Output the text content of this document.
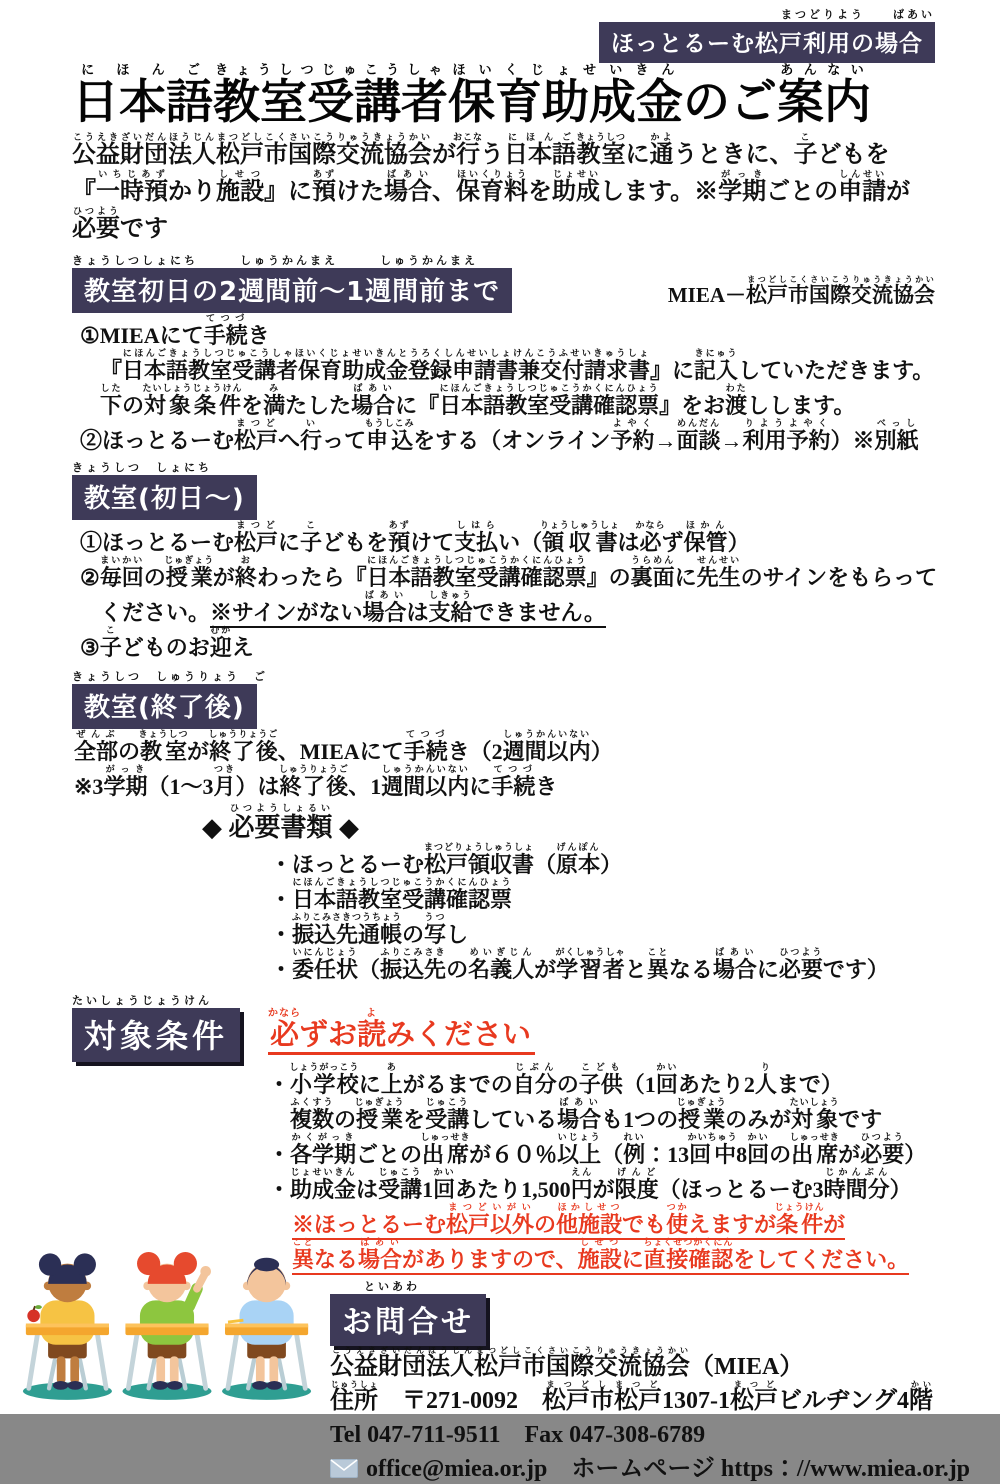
まつどりよう　　ばあい
ほっとるーむ松戸利用の場合
日本語にほんご教室受講者きょうしつじゅこうしゃ保育助成金ほいくじょせいきんのご案内あんない

公益財団法人松戸市国際交流協会こうえきざいだんほうじんまつどしこくさいこうりゅうきょうかいが行おこなう日本語にほんご教室きょうしつに通かようときに、子こどもを『一時預いちじあずかり施設しせつ』に預あずけた場合ばあい、保育料ほいくりょうを助成じょせいします。※学期がっきごとの申請しんせいが必要ひつようです

きょうしつしょにち　　　しゅうかんまえ　　　しゅうかんまえ
教室初日の2週間前～1週間前まで	MIEA－松戸市国際交流協会まつどしこくさいこうりゅうきょうかい
①MIEAにて手続てつづき
『日本語教室受講者保育助成金登録申請書兼交付請求書にほんごきょうしつじゅこうしゃほいくじょせいきんとうろくしんせいしょけんこうふせいきゅうしょ』に記入きにゅうしていただきます。
下したの対象条件たいしょうじょうけんを満みたした場合ばあいに『日本語教室受講確認票にほんごきょうしつじゅこうかくにんひょう』をお渡わたしします。
②ほっとるーむ松戸まつどへ行いって申込もうしこみをする（オンライン予約よやく→面談めんだん→利用予約りようよやく）※別紙べっし
きょうしつ　しょにち
教室(初日～)
①ほっとるーむ松戸まつどに子こどもを預あずけて支払しはらい（領収書りょうしゅうしょは必かならず保管ほかん）
②毎回まいかいの授業じゅぎょうが終おわったら『日本語教室受講確認票にほんごきょうしつじゅこうかくにんひょう』の裏面うらめんに先生せんせいのサインをもらって
ください。※サインがない場合ばあいは支給しきゅうできません。
③子こどものお迎むかえ
きょうしつ　しゅうりょう　ご
教室(終了後)
全部ぜんぶの教室きょうしつが終了後しゅうりょうご、MIEAにて手続てつづき（2週間以内しゅうかんいない）
※3学期がっき（1～3月つき）は終了後しゅうりょうご、1週間以内しゅうかんいないに手続てつづき
◆ 必要書類ひつようしょるい ◆
・ほっとるーむ松戸領収書まつどりょうしゅうしょ（原本げんぽん）
・日本語教室受講確認票にほんごきょうしつじゅこうかくにんひょう
・振込先通帳ふりこみさきつうちょうの写うつし
・委任状いにんじょう（振込先ふりこみさきの名義人めいぎじんが学習者がくしゅうしゃと異ことなる場合ばあいに必要ひつようです）
たいしょうじょうけん
対象条件	必かならずお読よみください
・小学校しょうがっこうに上あがるまでの自分じぶんの子供こども（1回かいあたり2人りまで）
複数ふくすうの授業じゅぎょうを受講じゅこうしている場合ばあいも1つの授業じゅぎょうのみが対象たいしょうです
・各学期かくがっきごとの出席しゅっせきが６０％以上いじょう（例れい：13回中かいちゅう8回かいの出席しゅっせきが必要ひつよう）
・助成金じょせいきんは受講じゅこう1回かいあたり1,500円えんが限度げんど（ほっとるーむ3時間分じかんぶん）
※ほっとるーむ松戸以外まつどいがいの他施設ほかしせつでも使つかえますが条件じょうけんが
異ことなる場合ばあいがありますので、施設しせつに直接確認ちょくせつかくにんをしてください。
といあわ
お問合せ
公益財団法人松戸市国際交流協会こうえきざいだんほうじんまつどしこくさいこうりゅうきょうかい（MIEA）
住所じゅうしょ　〒271-0092　松戸市松戸まつどしまつど1307-1松戸まつどビルヂング4階かい
Tel 047-711-9511　Fax 047-308-6789
office@miea.or.jp　ホームページ https：//www.miea.or.jp
